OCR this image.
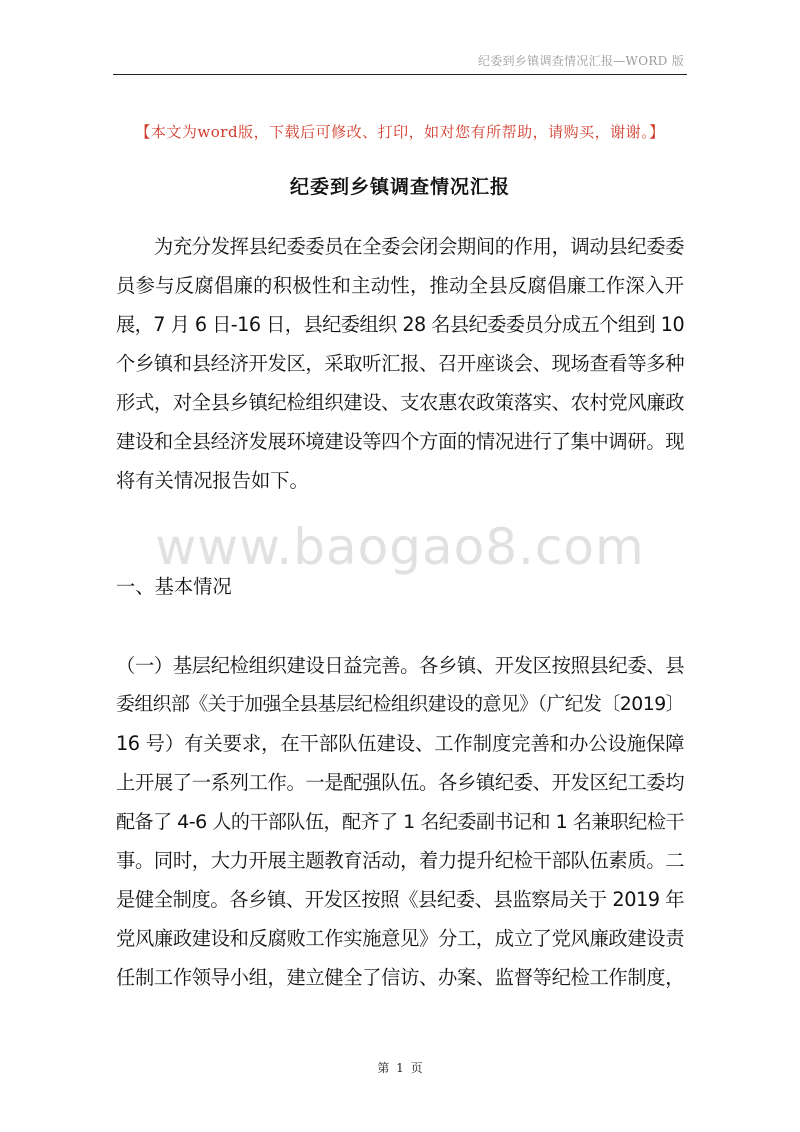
纪委到乡镇调查情况汇报—WORD 版
【本文为word版，下载后可修改、打印，如对您有所帮助，请购买，谢谢。】
纪委到乡镇调查情况汇报
www.baogao8.com
　　为充分发挥县纪委委员在全委会闭会期间的作用，调动县纪委委
员参与反腐倡廉的积极性和主动性，推动全县反腐倡廉工作深入开
展，7 月 6 日-16 日，县纪委组织 28 名县纪委委员分成五个组到 10
个乡镇和县经济开发区，采取听汇报、召开座谈会、现场查看等多种
形式，对全县乡镇纪检组织建设、支农惠农政策落实、农村党风廉政
建设和全县经济发展环境建设等四个方面的情况进行了集中调研。现
将有关情况报告如下。
一、基本情况
（一）基层纪检组织建设日益完善。各乡镇、开发区按照县纪委、县
委组织部《关于加强全县基层纪检组织建设的意见》（广纪发〔2019〕
16 号）有关要求，在干部队伍建设、工作制度完善和办公设施保障
上开展了一系列工作。一是配强队伍。各乡镇纪委、开发区纪工委均
配备了 4-6 人的干部队伍，配齐了 1 名纪委副书记和 1 名兼职纪检干
事。同时，大力开展主题教育活动，着力提升纪检干部队伍素质。二
是健全制度。各乡镇、开发区按照《县纪委、县监察局关于 2019 年
党风廉政建设和反腐败工作实施意见》分工，成立了党风廉政建设责
任制工作领导小组，建立健全了信访、办案、监督等纪检工作制度，
第 1 页
